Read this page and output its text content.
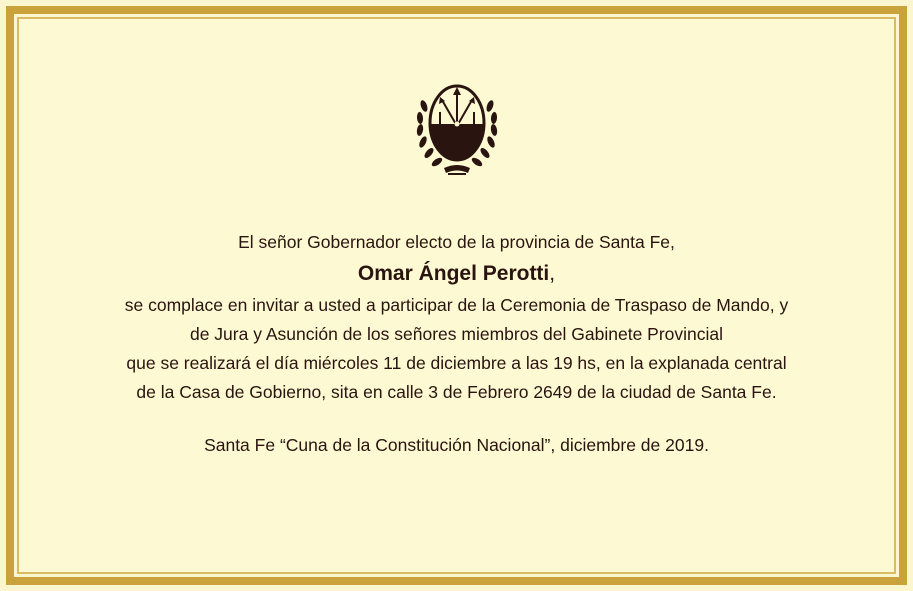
El señor Gobernador electo de la provincia de Santa Fe,
Omar Ángel Perotti,
se complace en invitar a usted a participar de la Ceremonia de Traspaso de Mando, y
de Jura y Asunción de los señores miembros del Gabinete Provincial
que se realizará el día miércoles 11 de diciembre a las 19 hs, en la explanada central
de la Casa de Gobierno, sita en calle 3 de Febrero 2649 de la ciudad de Santa Fe.
Santa Fe “Cuna de la Constitución Nacional”, diciembre de 2019.
